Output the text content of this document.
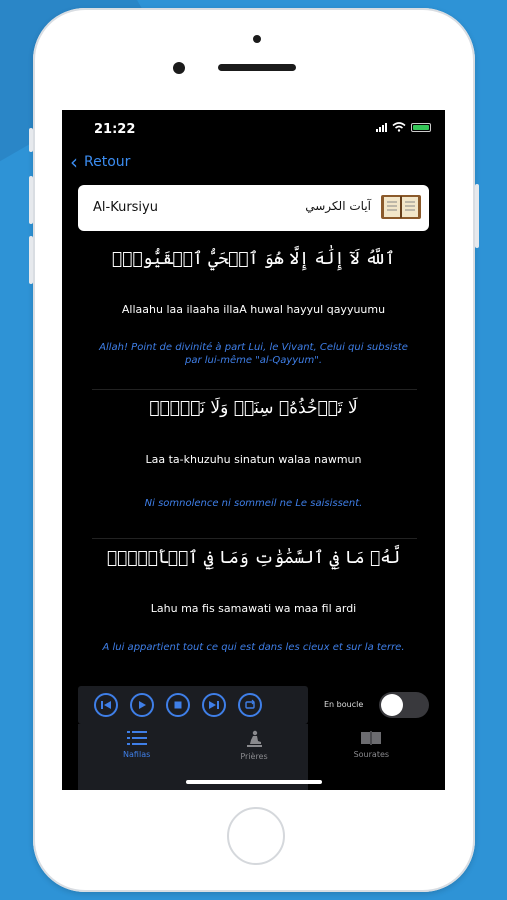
21:22
‹ Retour
Al-Kursiyu	آيات الكرسي
ٱللَّهُ لَآ إِلَٰهَ إِلَّا هُوَ ٱلۡحَيُّ ٱلۡقَيُّومُۚ
Allaahu laa ilaaha illaA huwal hayyul qayyuumu
Allah! Point de divinité à part Lui, le Vivant, Celui qui subsiste par lui-même "al-Qayyum".
لَا تَأۡخُذُهُۥ سِنَةٞ وَلَا نَوۡمٞۚ
Laa ta-khuzuhu sinatun walaa nawmun
Ni somnolence ni sommeil ne Le saisissent.
لَّهُۥ مَا فِي ٱلسَّمَٰوَٰتِ وَمَا فِي ٱلۡأَرۡضِۗ
Lahu ma fis samawati wa maa fil ardi
A lui appartient tout ce qui est dans les cieux et sur la terre.
En boucle
Nafilas	Prières	Sourates
